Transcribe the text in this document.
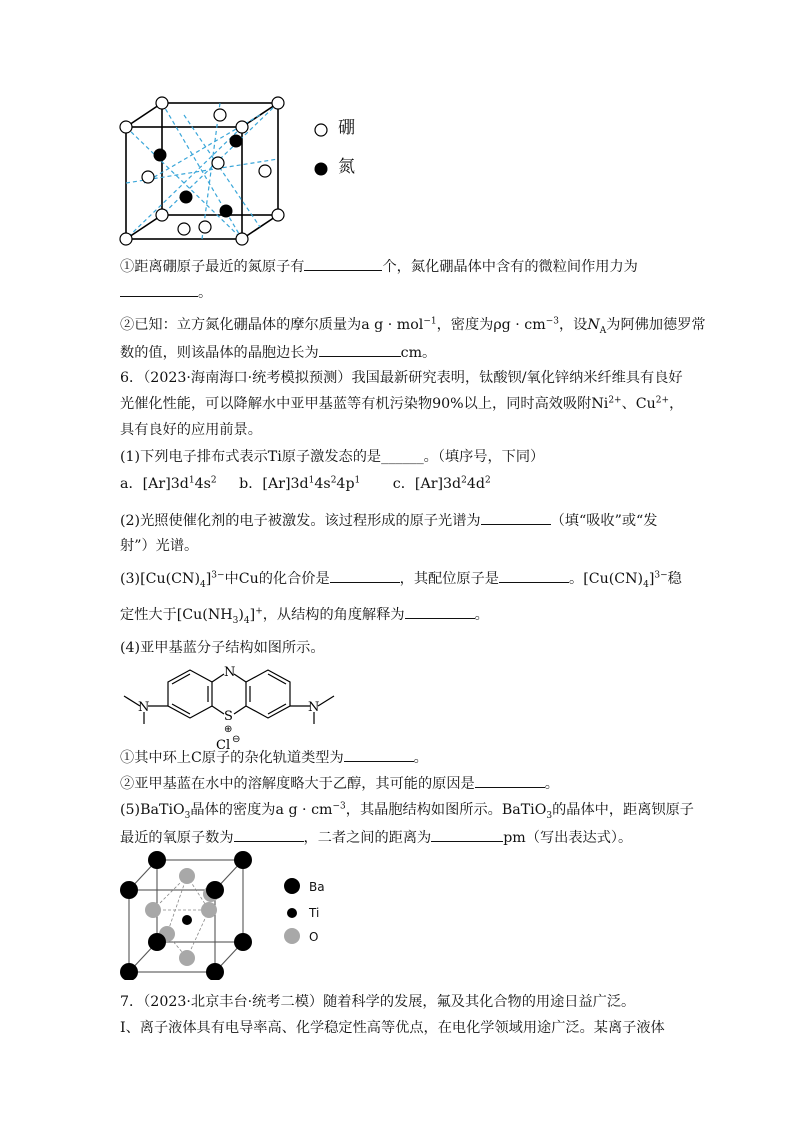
硼
氮
①距离硼原子最近的氮原子有	个，氮化硼晶体中含有的微粒间作用力为
。
②已知：立方氮化硼晶体的摩尔质量为a g · mol$^{-1}$，密度为$\rho g \cdot cm^{-3}$，设$N_A$为阿佛加德罗常
数的值，则该晶体的晶胞边长为	cm。
6．（2023·海南海口·统考模拟预测）我国最新研究表明，钛酸钡/氧化锌纳米纤维具有良好
光催化性能，可以降解水中亚甲基蓝等有机污染物90%以上，同时高效吸附$Ni^{2+}$、$Cu^{2+}$，
具有良好的应用前景。
(1)下列电子排布式表示Ti原子激发态的是______。（填序号，下同）
a．$[Ar]3d^14s^2$ b．$[Ar]3d^14s^24p^1$ c．$[Ar]3d^24d^2$
(2)光照使催化剂的电子被激发。该过程形成的原子光谱为	（填“吸收”或“发
射”）光谱。
$(3)[Cu(CN)_4]^{3-}$中Cu的化合价是	，其配位原子是	。$[Cu(CN)_4]^{3-}$稳
定性大于$[Cu(NH_3)_4]^+$，从结构的角度解释为	。
(4)亚甲基蓝分子结构如图所示。
N
S
⊕
Cl ⊖
N	N
①其中环上C原子的杂化轨道类型为	。
②亚甲基蓝在水中的溶解度略大于乙醇，其可能的原因是	。
(5)BaTiO$_3$晶体的密度为a $g \cdot cm^{-3}$，其晶胞结构如图所示。BaTiO$_3$的晶体中，距离钡原子
最近的氧原子数为	，二者之间的距离为	pm（写出表达式）。
Ba
Ti
O
7．（2023·北京丰台·统考二模）随着科学的发展，氟及其化合物的用途日益广泛。
Ⅰ、离子液体具有电导率高、化学稳定性高等优点，在电化学领域用途广泛。某离子液体
